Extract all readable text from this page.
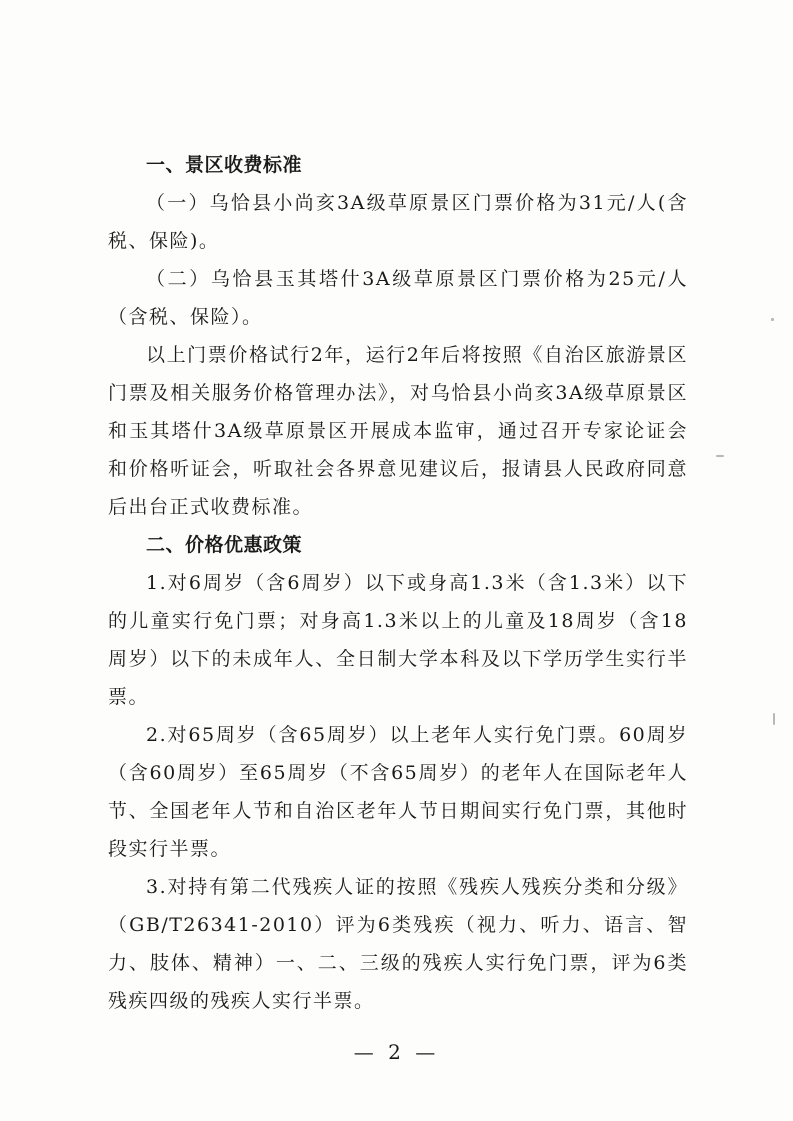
一、景区收费标准

（一）乌恰县小尚亥3A级草原景区门票价格为31元/人(含税、保险)。

（二）乌恰县玉其塔什3A级草原景区门票价格为25元/人（含税、保险）。

以上门票价格试行2年，运行2年后将按照《自治区旅游景区门票及相关服务价格管理办法》，对乌恰县小尚亥3A级草原景区和玉其塔什3A级草原景区开展成本监审，通过召开专家论证会和价格听证会，听取社会各界意见建议后，报请县人民政府同意后出台正式收费标准。

二、价格优惠政策

1.对6周岁（含6周岁）以下或身高1.3米（含1.3米）以下的儿童实行免门票；对身高1.3米以上的儿童及18周岁（含18周岁）以下的未成年人、全日制大学本科及以下学历学生实行半票。

2.对65周岁（含65周岁）以上老年人实行免门票。60周岁（含60周岁）至65周岁（不含65周岁）的老年人在国际老年人节、全国老年人节和自治区老年人节日期间实行免门票，其他时段实行半票。

3.对持有第二代残疾人证的按照《残疾人残疾分类和分级》（GB/T26341-2010）评为6类残疾（视力、听力、语言、智力、肢体、精神）一、二、三级的残疾人实行免门票，评为6类残疾四级的残疾人实行半票。

— 2 —
